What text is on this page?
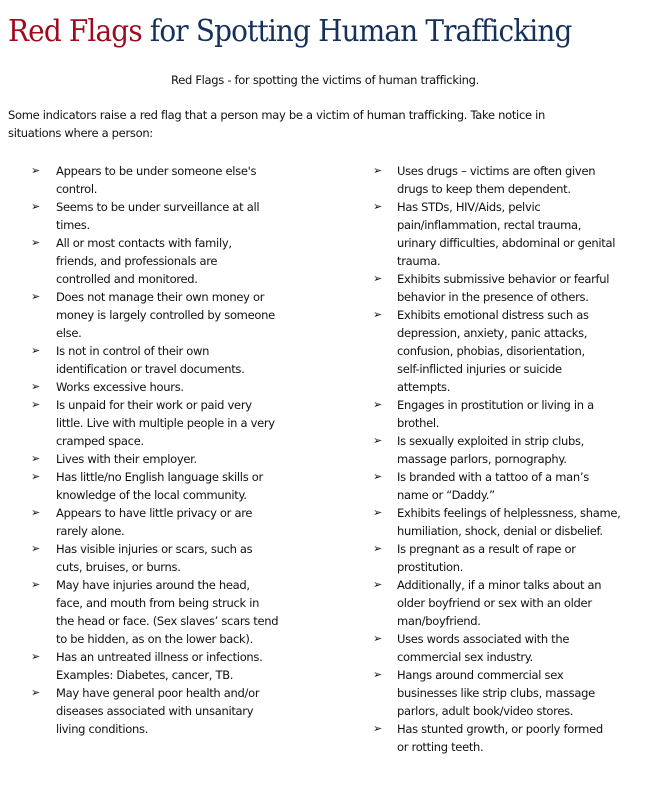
Red Flags for Spotting Human Trafficking
Red Flags - for spotting the victims of human trafficking.
Some indicators raise a red flag that a person may be a victim of human trafficking. Take notice in
situations where a person:
➢ Appears to be under someone else's
control.
➢ Seems to be under surveillance at all
times.
➢ All or most contacts with family,
friends, and professionals are
controlled and monitored.
➢ Does not manage their own money or
money is largely controlled by someone
else.
➢ Is not in control of their own
identification or travel documents.
➢ Works excessive hours.
➢ Is unpaid for their work or paid very
little. Live with multiple people in a very
cramped space.
➢ Lives with their employer.
➢ Has little/no English language skills or
knowledge of the local community.
➢ Appears to have little privacy or are
rarely alone.
➢ Has visible injuries or scars, such as
cuts, bruises, or burns.
➢ May have injuries around the head,
face, and mouth from being struck in
the head or face. (Sex slaves’ scars tend
to be hidden, as on the lower back).
➢ Has an untreated illness or infections.
Examples: Diabetes, cancer, TB.
➢ May have general poor health and/or
diseases associated with unsanitary
living conditions.
➢ Uses drugs – victims are often given
drugs to keep them dependent.
➢ Has STDs, HIV/Aids, pelvic
pain/inflammation, rectal trauma,
urinary difficulties, abdominal or genital
trauma.
➢ Exhibits submissive behavior or fearful
behavior in the presence of others.
➢ Exhibits emotional distress such as
depression, anxiety, panic attacks,
confusion, phobias, disorientation,
self-inflicted injuries or suicide
attempts.
➢ Engages in prostitution or living in a
brothel.
➢ Is sexually exploited in strip clubs,
massage parlors, pornography.
➢ Is branded with a tattoo of a man’s
name or “Daddy.”
➢ Exhibits feelings of helplessness, shame,
humiliation, shock, denial or disbelief.
➢ Is pregnant as a result of rape or
prostitution.
➢ Additionally, if a minor talks about an
older boyfriend or sex with an older
man/boyfriend.
➢ Uses words associated with the
commercial sex industry.
➢ Hangs around commercial sex
businesses like strip clubs, massage
parlors, adult book/video stores.
➢ Has stunted growth, or poorly formed
or rotting teeth.
